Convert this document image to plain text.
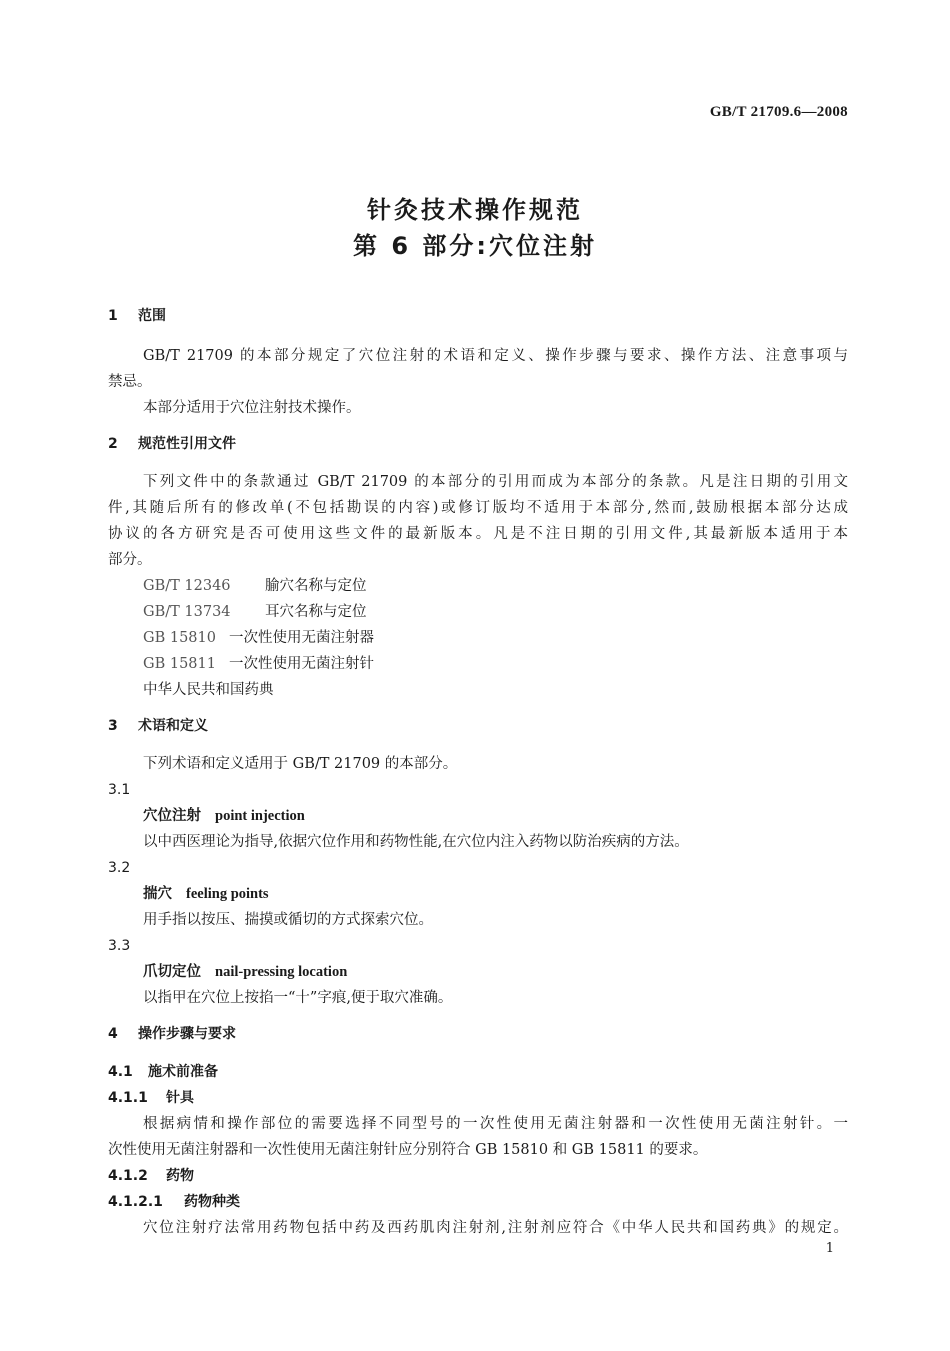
GB/T 21709.6—2008
针灸技术操作规范
第 6 部分:穴位注射
1 范围
GB/T 21709 的本部分规定了穴位注射的术语和定义、操作步骤与要求、操作方法、注意事项与
禁忌。
本部分适用于穴位注射技术操作。
2 规范性引用文件
下列文件中的条款通过 GB/T 21709 的本部分的引用而成为本部分的条款。凡是注日期的引用文
件,其随后所有的修改单(不包括勘误的内容)或修订版均不适用于本部分,然而,鼓励根据本部分达成
协议的各方研究是否可使用这些文件的最新版本。凡是不注日期的引用文件,其最新版本适用于本
部分。
GB/T 12346 腧穴名称与定位
GB/T 13734 耳穴名称与定位
GB 15810 一次性使用无菌注射器
GB 15811 一次性使用无菌注射针
中华人民共和国药典
3 术语和定义
下列术语和定义适用于 GB/T 21709 的本部分。
3.1
穴位注射 point injection
以中西医理论为指导,依据穴位作用和药物性能,在穴位内注入药物以防治疾病的方法。
3.2
揣穴 feeling points
用手指以按压、揣摸或循切的方式探索穴位。
3.3
爪切定位 nail-pressing location
以指甲在穴位上按掐一“十”字痕,便于取穴准确。
4 操作步骤与要求
4.1 施术前准备
4.1.1 针具
根据病情和操作部位的需要选择不同型号的一次性使用无菌注射器和一次性使用无菌注射针。一
次性使用无菌注射器和一次性使用无菌注射针应分别符合 GB 15810 和 GB 15811 的要求。
4.1.2 药物
4.1.2.1 药物种类
穴位注射疗法常用药物包括中药及西药肌肉注射剂,注射剂应符合《中华人民共和国药典》的规定。
1
